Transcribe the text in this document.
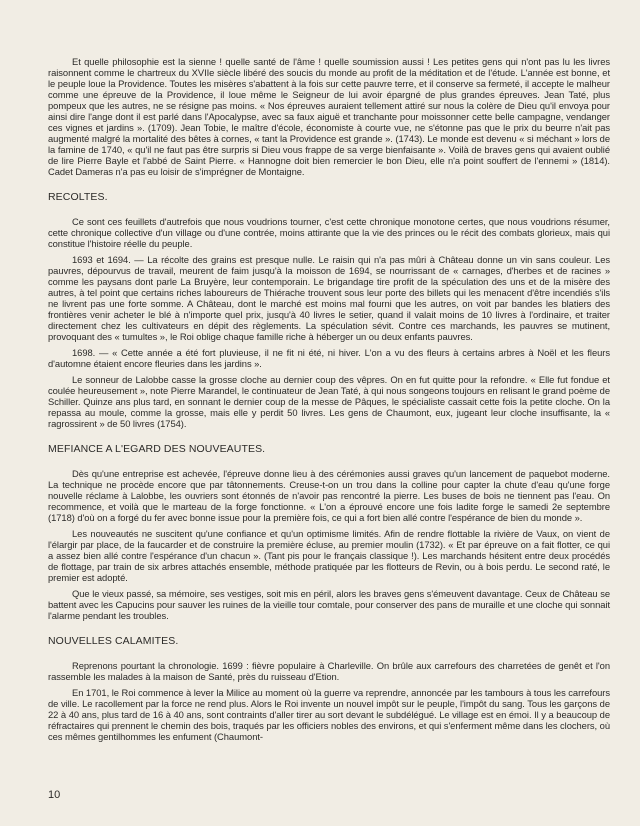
Et quelle philosophie est la sienne ! quelle santé de l'âme ! quelle soumission aussi ! Les petites gens qui n'ont pas lu les livres raisonnent comme le chartreux du XVIIe siècle libéré des soucis du monde au profit de la méditation et de l'étude. L'année est bonne, et le peuple loue la Providence. Toutes les misères s'abattent à la fois sur cette pauvre terre, et il conserve sa fermeté, il accepte le malheur comme une épreuve de la Providence, il loue même le Seigneur de lui avoir épargné de plus grandes épreuves. Jean Taté, plus pompeux que les autres, ne se résigne pas moins. « Nos épreuves auraient tellement attiré sur nous la colère de Dieu qu'il envoya pour ainsi dire l'ange dont il est parlé dans l'Apocalypse, avec sa faux aiguë et tranchante pour moissonner cette belle campagne, vendanger ces vignes et jardins ». (1709). Jean Tobie, le maître d'école, économiste à courte vue, ne s'étonne pas que le prix du beurre n'ait pas augmenté malgré la mortalité des bêtes à cornes, « tant la Providence est grande ». (1743). Le monde est devenu « si méchant » lors de la famine de 1740, « qu'il ne faut pas être surpris si Dieu vous frappe de sa verge bienfaisante ». Voilà de braves gens qui avaient oublié de lire Pierre Bayle et l'abbé de Saint Pierre. « Hannogne doit bien remercier le bon Dieu, elle n'a point souffert de l'ennemi » (1814). Cadet Dameras n'a pas eu loisir de s'imprégner de Montaigne.

RECOLTES.

Ce sont ces feuillets d'autrefois que nous voudrions tourner, c'est cette chronique monotone certes, que nous voudrions résumer, cette chronique collective d'un village ou d'une contrée, moins attirante que la vie des princes ou le récit des combats glorieux, mais qui constitue l'histoire réelle du peuple.

1693 et 1694. — La récolte des grains est presque nulle. Le raisin qui n'a pas mûri à Château donne un vin sans couleur. Les pauvres, dépourvus de travail, meurent de faim jusqu'à la moisson de 1694, se nourrissant de « carnages, d'herbes et de racines » comme les paysans dont parle La Bruyère, leur contemporain. Le brigandage tire profit de la spéculation des uns et de la misère des autres, à tel point que certains riches laboureurs de Thiérache trouvent sous leur porte des billets qui les menacent d'être incendiés s'ils ne livrent pas une forte somme. A Château, dont le marché est moins mal fourni que les autres, on voit par bandes les blatiers des frontières venir acheter le blé à n'importe quel prix, jusqu'à 40 livres le setier, quand il valait moins de 10 livres à l'ordinaire, et traiter directement chez les cultivateurs en dépit des règlements. La spéculation sévit. Contre ces marchands, les pauvres se mutinent, provoquant des « tumultes », le Roi oblige chaque famille riche à héberger un ou deux enfants pauvres.

1698. — « Cette année a été fort pluvieuse, il ne fit ni été, ni hiver. L'on a vu des fleurs à certains arbres à Noël et les fleurs d'automne étaient encore fleuries dans les jardins ».

Le sonneur de Lalobbe casse la grosse cloche au dernier coup des vêpres. On en fut quitte pour la refondre. « Elle fut fondue et coulée heureusement », note Pierre Marandel, le continuateur de Jean Taté, à qui nous songeons toujours en relisant le grand poème de Schiller. Quinze ans plus tard, en sonnant le dernier coup de la messe de Pâques, le spécialiste cassait cette fois la petite cloche. On la repassa au moule, comme la grosse, mais elle y perdit 50 livres. Les gens de Chaumont, eux, jugeant leur cloche insuffisante, la « ragrossirent » de 50 livres (1754).

MEFIANCE A L'EGARD DES NOUVEAUTES.

Dès qu'une entreprise est achevée, l'épreuve donne lieu à des cérémonies aussi graves qu'un lancement de paquebot moderne. La technique ne procède encore que par tâtonnements. Creuse-t-on un trou dans la colline pour capter la chute d'eau qu'une forge nouvelle réclame à Lalobbe, les ouvriers sont étonnés de n'avoir pas rencontré la pierre. Les buses de bois ne tiennent pas l'eau. On recommence, et voilà que le marteau de la forge fonctionne. « L'on a éprouvé encore une fois ladite forge le samedi 2e septembre (1718) d'où on a forgé du fer avec bonne issue pour la première fois, ce qui a fort bien allé contre l'espérance de bien du monde ».

Les nouveautés ne suscitent qu'une confiance et qu'un optimisme limités. Afin de rendre flottable la rivière de Vaux, on vient de l'élargir par place, de la faucarder et de construire la première écluse, au premier moulin (1732). « Et par épreuve on a fait flotter, ce qui a assez bien allé contre l'espérance d'un chacun ». (Tant pis pour le français classique !). Les marchands hésitent entre deux procédés de flottage, par train de six arbres attachés ensemble, méthode pratiquée par les flotteurs de Revin, ou à bois perdu. Le second raté, le premier est adopté.

Que le vieux passé, sa mémoire, ses vestiges, soit mis en péril, alors les braves gens s'émeuvent davantage. Ceux de Château se battent avec les Capucins pour sauver les ruines de la vieille tour comtale, pour conserver des pans de muraille et une cloche qui sonnait l'alarme pendant les troubles.

NOUVELLES CALAMITES.

Reprenons pourtant la chronologie. 1699 : fièvre populaire à Charleville. On brûle aux carrefours des charretées de genêt et l'on rassemble les malades à la maison de Santé, près du ruisseau d'Etion.

En 1701, le Roi commence à lever la Milice au moment où la guerre va reprendre, annoncée par les tambours à tous les carrefours de ville. Le racollement par la force ne rend plus. Alors le Roi invente un nouvel impôt sur le peuple, l'impôt du sang. Tous les garçons de 22 à 40 ans, plus tard de 16 à 40 ans, sont contraints d'aller tirer au sort devant le subdélégué. Le village est en émoi. Il y a beaucoup de réfractaires qui prennent le chemin des bois, traqués par les officiers nobles des environs, et qui s'enferment même dans les clochers, où ces mêmes gentilhommes les enfument (Chaumont-

10
